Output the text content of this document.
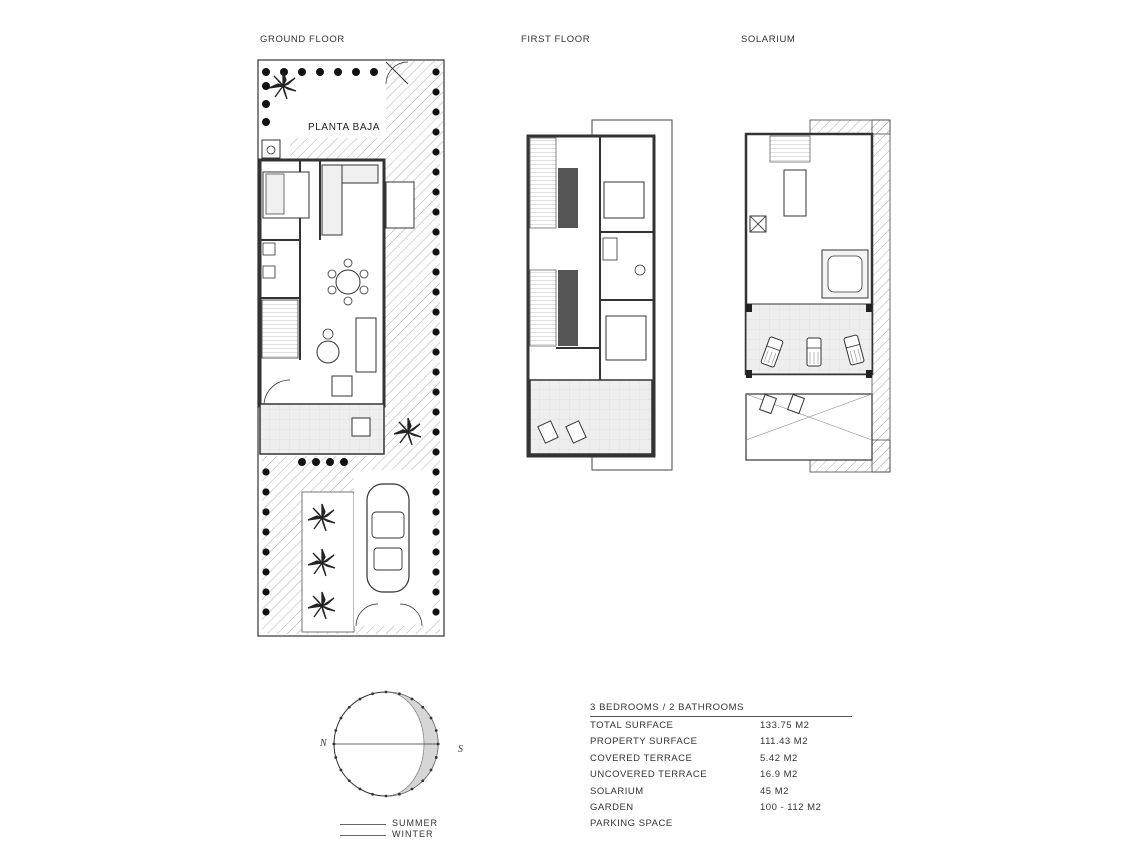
GROUND FLOOR	FIRST FLOOR	SOLARIUM
N
S
PLANTA BAJA
SUMMER
WINTER
3 BEDROOMS / 2 BATHROOMS
TOTAL SURFACE	133.75 M2
PROPERTY SURFACE	111.43 M2
COVERED TERRACE	5.42 M2
UNCOVERED TERRACE	16.9 M2
SOLARIUM	45 M2
GARDEN	100 - 112 M2
PARKING SPACE
